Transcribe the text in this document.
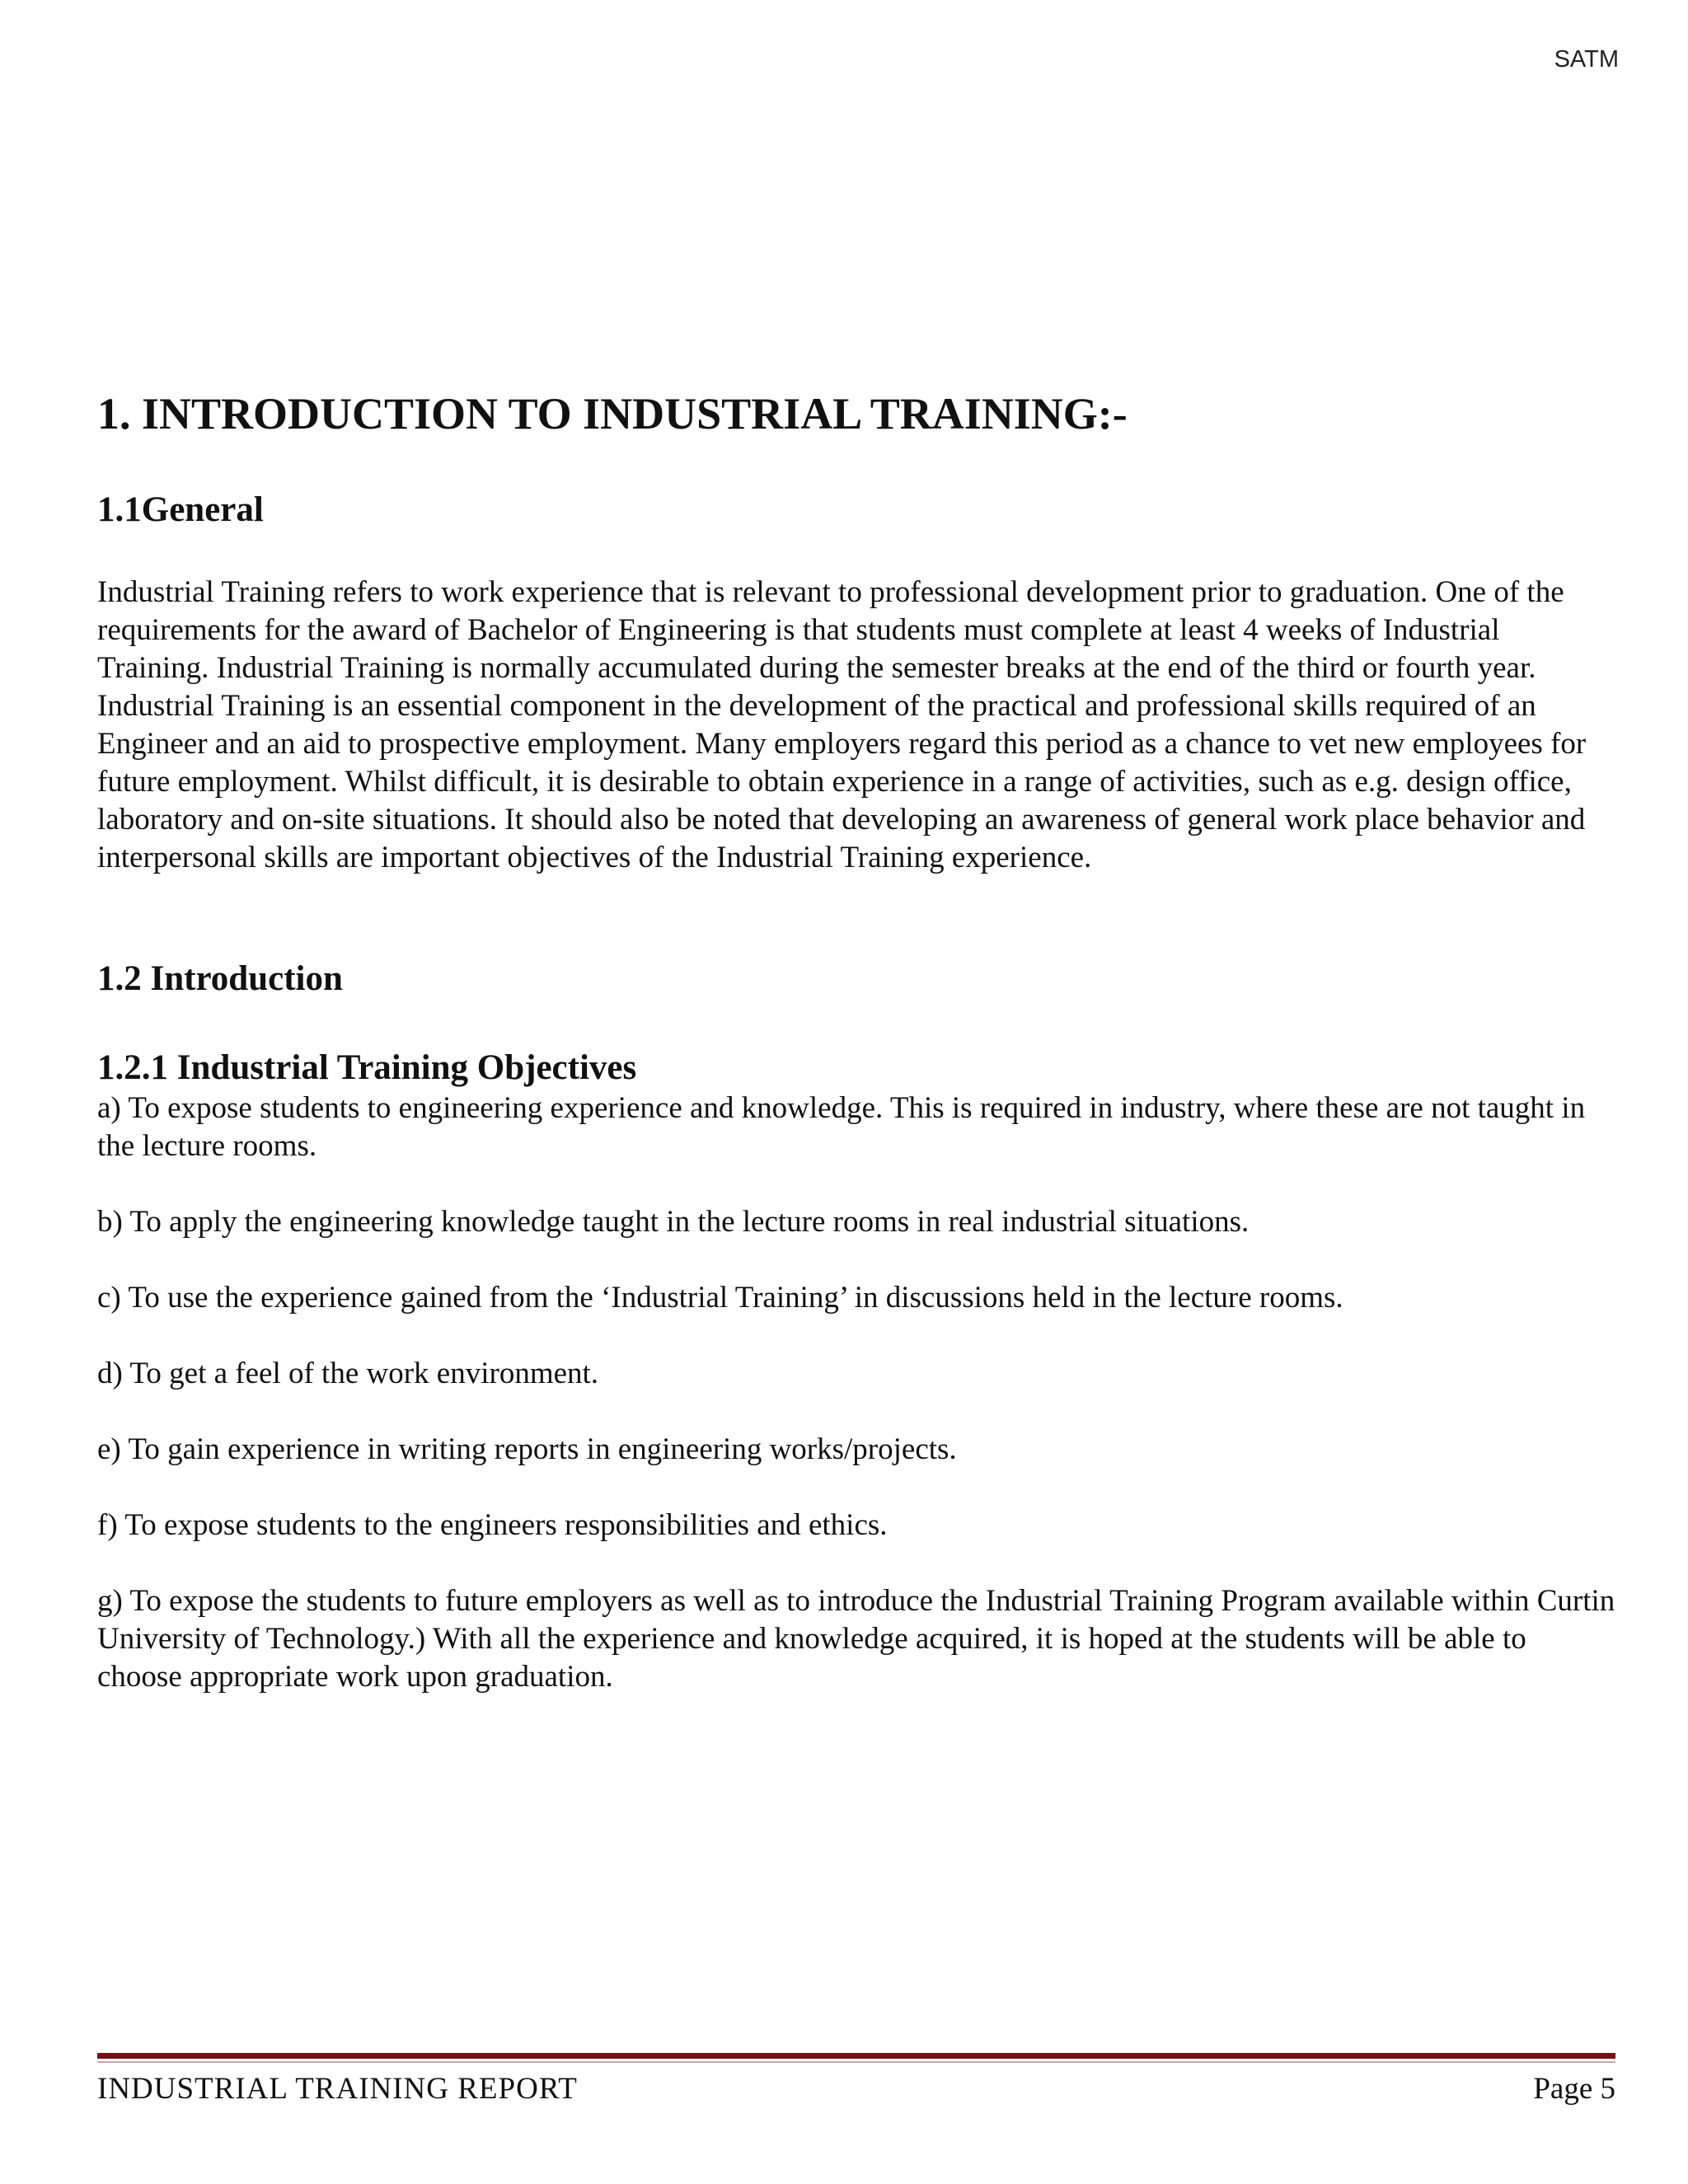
SATM
1. INTRODUCTION TO INDUSTRIAL TRAINING:-
1.1General

Industrial Training refers to work experience that is relevant to professional development prior to graduation. One of the requirements for the award of Bachelor of Engineering is that students must complete at least 4 weeks of Industrial Training. Industrial Training is normally accumulated during the semester breaks at the end of the third or fourth year. Industrial Training is an essential component in the development of the practical and professional skills required of an Engineer and an aid to prospective employment. Many employers regard this period as a chance to vet new employees for future employment. Whilst difficult, it is desirable to obtain experience in a range of activities, such as e.g. design office, laboratory and on-site situations. It should also be noted that developing an awareness of general work place behavior and interpersonal skills are important objectives of the Industrial Training experience.

1.2 Introduction
1.2.1 Industrial Training Objectives

a) To expose students to engineering experience and knowledge. This is required in industry, where these are not taught in the lecture rooms.

b) To apply the engineering knowledge taught in the lecture rooms in real industrial situations.

c) To use the experience gained from the ‘Industrial Training’ in discussions held in the lecture rooms.

d) To get a feel of the work environment.

e) To gain experience in writing reports in engineering works/projects.

f) To expose students to the engineers responsibilities and ethics.

g) To expose the students to future employers as well as to introduce the Industrial Training Program available within Curtin University of Technology.) With all the experience and knowledge acquired, it is hoped at the students will be able to choose appropriate work upon graduation.

INDUSTRIAL TRAINING REPORT	Page 5
